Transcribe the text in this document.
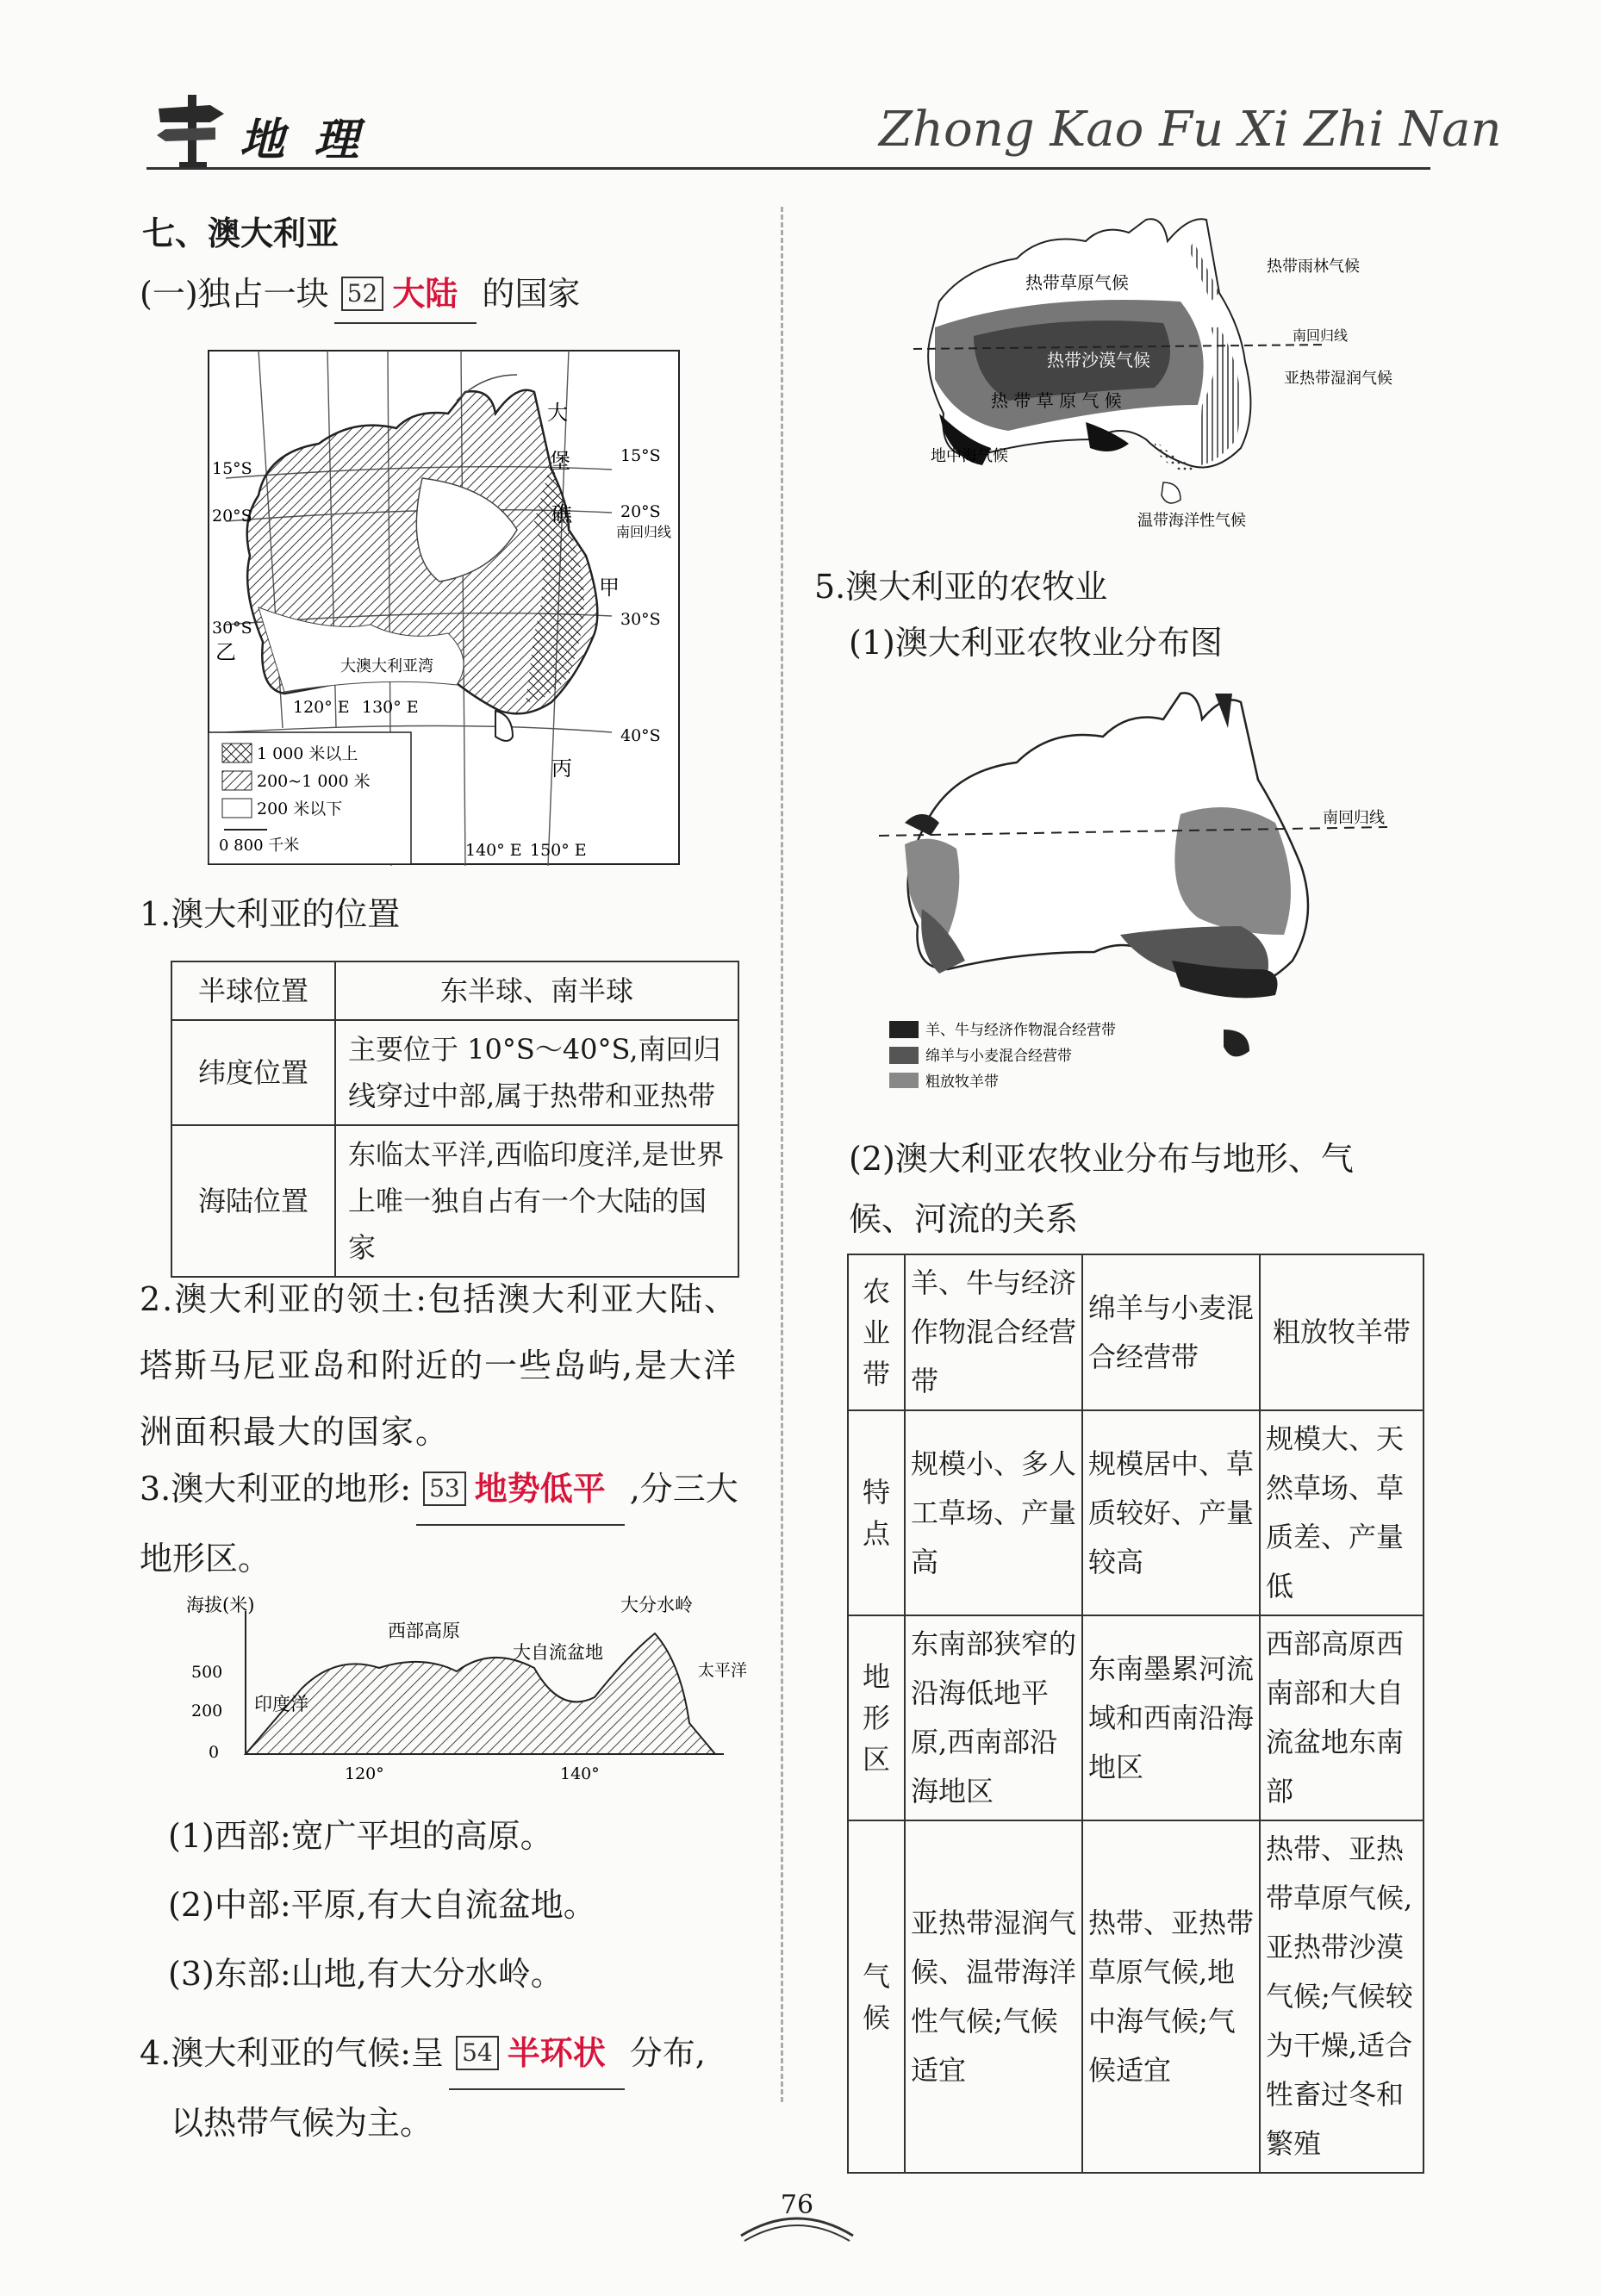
地 理	Zhong Kao Fu Xi Zhi Nan
七、澳大利亚
(一)独占一块 52 大陆 的国家
大
堡
礁
甲
乙
丙
大澳大利亚湾
南回归线
15°S
20°S
30°S
15°S
20°S
30°S
40°S
120° E 130° E
140° E 150° E
1 000 米以上
200~1 000 米
200 米以下
0 800 千米
1.澳大利亚的位置
半球位置	东半球、南半球
纬度位置	主要位于 10°S～40°S,南回归线穿过中部,属于热带和亚热带
海陆位置	东临太平洋,西临印度洋,是世界上唯一独自占有一个大陆的国家
2.澳大利亚的领土:包括澳大利亚大陆、塔斯马尼亚岛和附近的一些岛屿,是大洋洲面积最大的国家。
3.澳大利亚的地形: 53 地势低平 ,分三大地形区。
海拔(米)
500
200
0
印度洋
西部高原
大自流盆地
大分水岭
太平洋
120°	140°
(1)西部:宽广平坦的高原。
(2)中部:平原,有大自流盆地。
(3)东部:山地,有大分水岭。
4.澳大利亚的气候:呈 54 半环状 分布,
以热带气候为主。
热带草原气候
热带雨林气候
热带沙漠气候
热 带 草 原 气 候
地中海气候
南回归线
亚热带湿润气候
温带海洋性气候
5.澳大利亚的农牧业
(1)澳大利亚农牧业分布图
南回归线
羊、牛与经济作物混合经营带
绵羊与小麦混合经营带
粗放牧羊带
(2)澳大利亚农牧业分布与地形、气候、河流的关系
农
业
带	羊、牛与经济作物混合经营带	绵羊与小麦混合经营带	粗放牧羊带

特
点	规模小、多人工草场、产量高	规模居中、草质较好、产量较高	规模大、天然草场、草质差、产量低

地
形
区	东南部狭窄的沿海低地平原,西南部沿海地区	东南墨累河流域和西南沿海地区	西部高原西南部和大自流盆地东南部

气
候	亚热带湿润气候、温带海洋性气候;气候适宜	热带、亚热带草原气候,地中海气候;气候适宜	热带、亚热带草原气候,亚热带沙漠气候;气候较为干燥,适合牲畜过冬和繁殖
76
